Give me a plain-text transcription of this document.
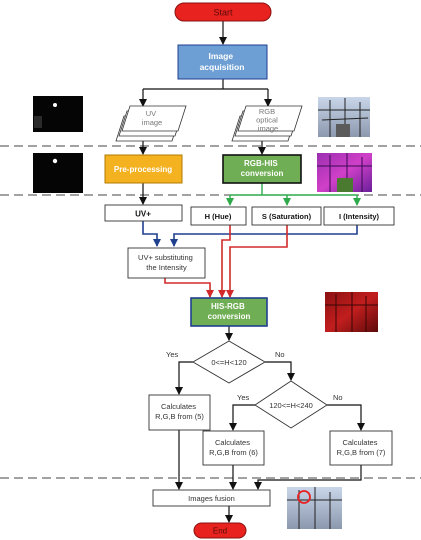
Start
Image acquisition
UV image
RGB optical image
Pre-processing
RGB-HIS conversion
UV+	H (Hue)	S (Saturation)	I (Intensity)
UV+ substituting the Intensity
HIS-RGB conversion
0<=H<120
Yes	No
120<=H<240
Yes	No
Calculates R,G,B from (5)
Calculates R,G,B from (6)
Calculates R,G,B from (7)
Images fusion
End
